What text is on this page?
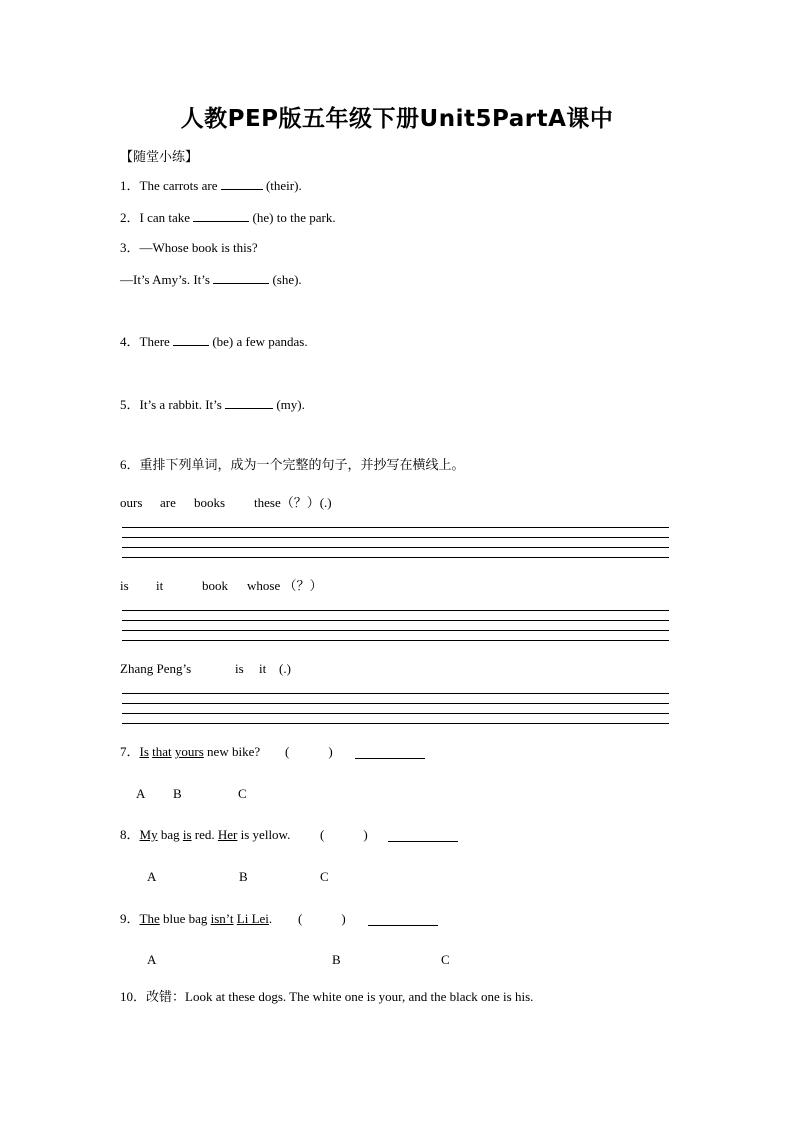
人教PEP版五年级下册Unit5PartA课中
【随堂小练】
1．The carrots are	(their).
2．I can take	(he) to the park.
3．—Whose book is this?
—It’s Amy’s. It’s	(she).
4．There	(be) a few pandas.
5．It’s a rabbit. It’s	(my).
6．重排下列单词，成为一个完整的句子，并抄写在横线上。
ours are books these（？）(.)
is it	book whose （？）
Zhang Peng’s	is it (.)
7．Is that yours new bike? (　　　)
A B	C
8．My bag is red. Her is yellow. (　　　)
A	B	C
9．The blue bag isn’t Li Lei. (　　　)
A	B	C
10．改错：Look at these dogs. The white one is your, and the black one is his.
